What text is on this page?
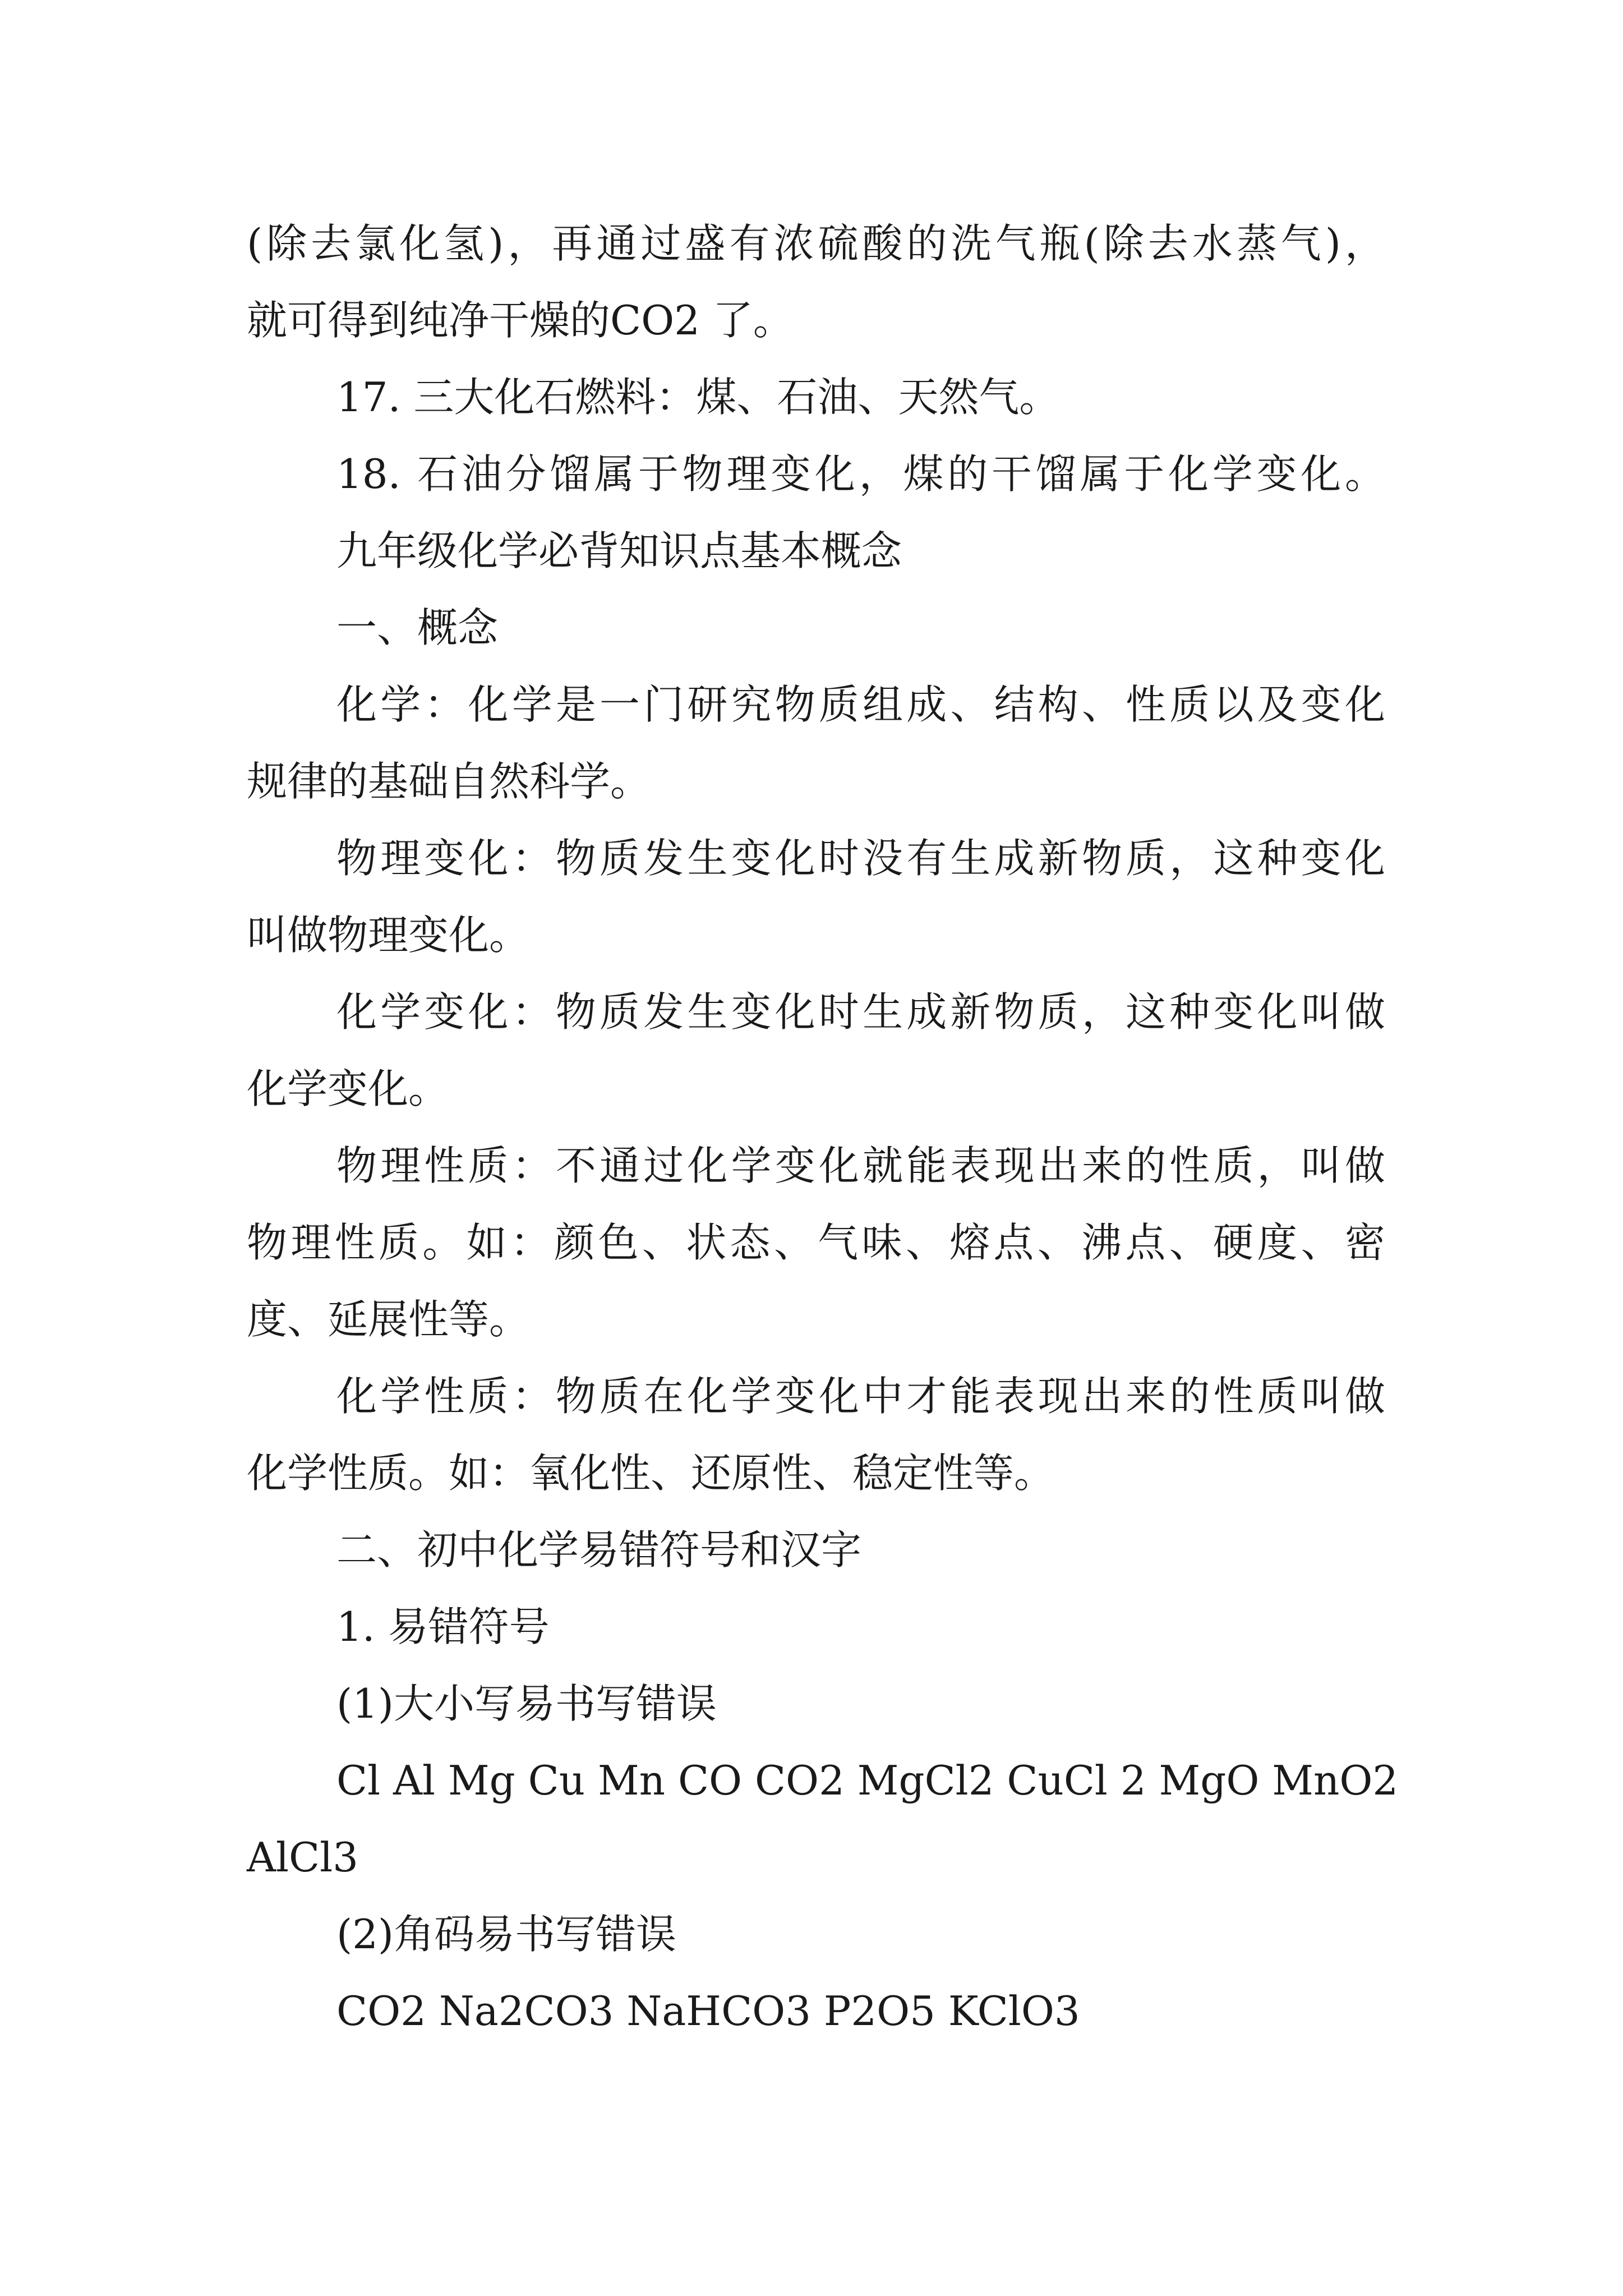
(除去氯化氢)，再通过盛有浓硫酸的洗气瓶(除去水蒸气)，

就可得到纯净干燥的CO2 了。

17. 三大化石燃料：煤、石油、天然气。

18. 石油分馏属于物理变化，煤的干馏属于化学变化。

九年级化学必背知识点基本概念

一、概念

化学：化学是一门研究物质组成、结构、性质以及变化

规律的基础自然科学。

物理变化：物质发生变化时没有生成新物质，这种变化

叫做物理变化。

化学变化：物质发生变化时生成新物质，这种变化叫做

化学变化。

物理性质：不通过化学变化就能表现出来的性质，叫做

物理性质。如：颜色、状态、气味、熔点、沸点、硬度、密

度、延展性等。

化学性质：物质在化学变化中才能表现出来的性质叫做

化学性质。如：氧化性、还原性、稳定性等。

二、初中化学易错符号和汉字

1. 易错符号

(1)大小写易书写错误

Cl Al Mg Cu Mn CO CO2 MgCl2 CuCl 2 MgO MnO2

AlCl3

(2)角码易书写错误

CO2 Na2CO3 NaHCO3 P2O5 KClO3
